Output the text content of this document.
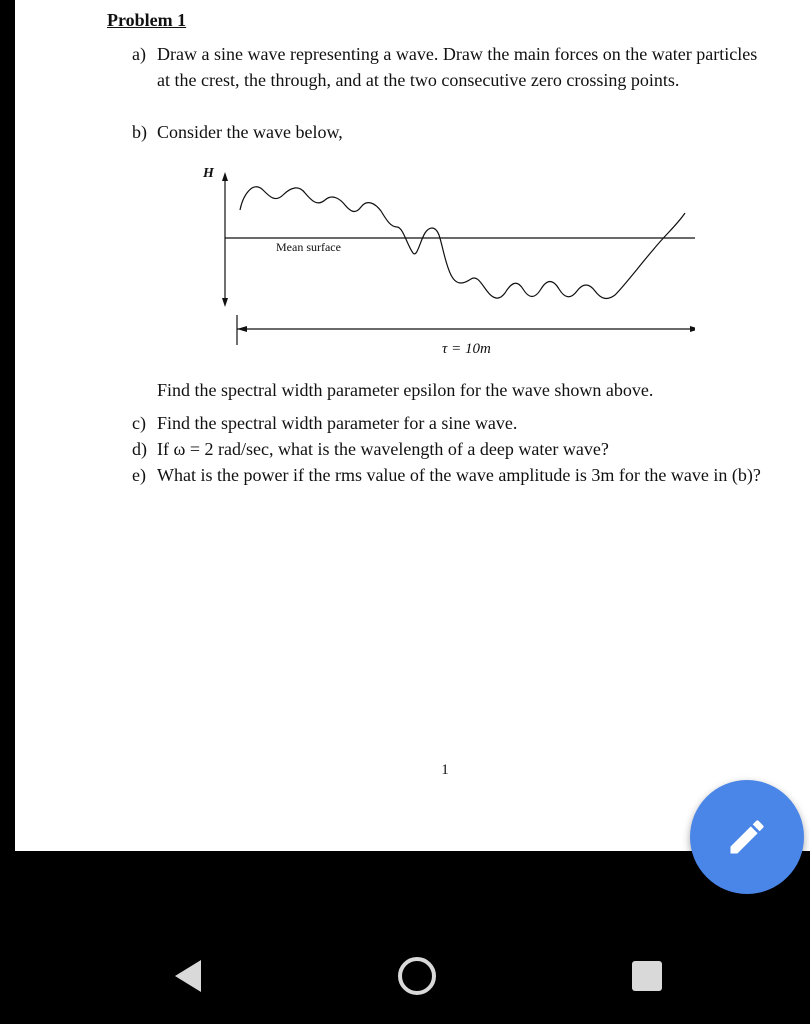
Problem 1
a) Draw a sine wave representing a wave. Draw the main forces on the water particles at the crest, the through, and at the two consecutive zero crossing points.
b) Consider the wave below,
H
Mean surface
τ = 10m
Find the spectral width parameter epsilon for the wave shown above.
c) Find the spectral width parameter for a sine wave.
d) If ω = 2 rad/sec, what is the wavelength of a deep water wave?
e) What is the power if the rms value of the wave amplitude is 3m for the wave in (b)?
1
